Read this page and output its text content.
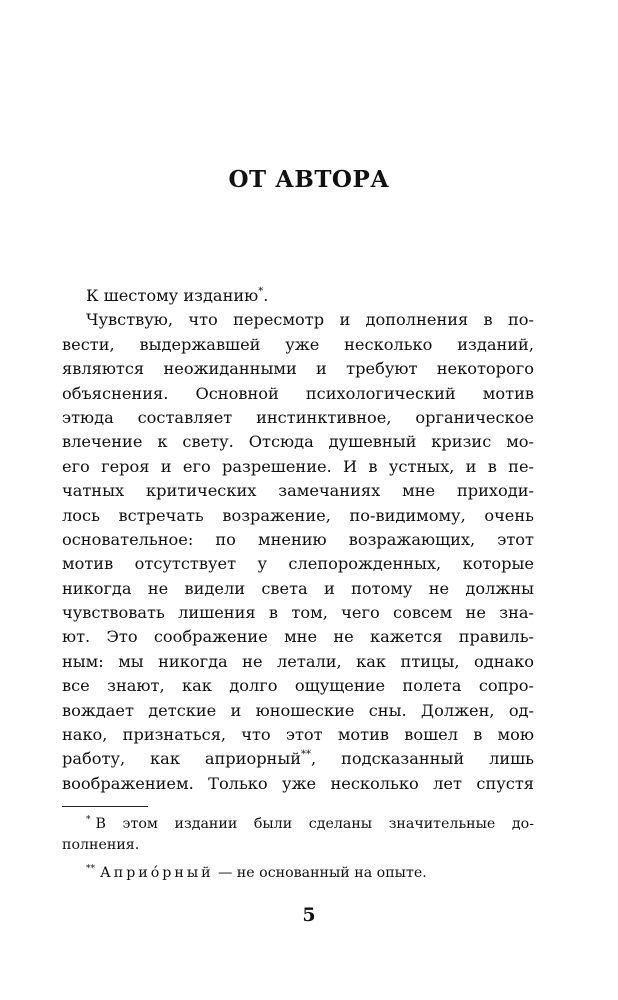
ОТ АВТОРА
К шестому изданию*.
Чувствую, что пересмотр и дополнения в по-
вести, выдержавшей уже несколько изданий,
являются неожиданными и требуют некоторого
объяснения. Основной психологический мотив
этюда составляет инстинктивное, органическое
влечение к свету. Отсюда душевный кризис мо-
его героя и его разрешение. И в устных, и в пе-
чатных критических замечаниях мне приходи-
лось встречать возражение, по-видимому, очень
основательное: по мнению возражающих, этот
мотив отсутствует у слепорожденных, которые
никогда не видели света и потому не должны
чувствовать лишения в том, чего совсем не зна-
ют. Это соображение мне не кажется правиль-
ным: мы никогда не летали, как птицы, однако
все знают, как долго ощущение полета сопро-
вождает детские и юношеские сны. Должен, од-
нако, признаться, что этот мотив вошел в мою
работу, как априорный**, подсказанный лишь
воображением. Только уже несколько лет спустя
* В этом издании были сделаны значительные до-
полнения.
** Априóрный — не основанный на опыте.
5
